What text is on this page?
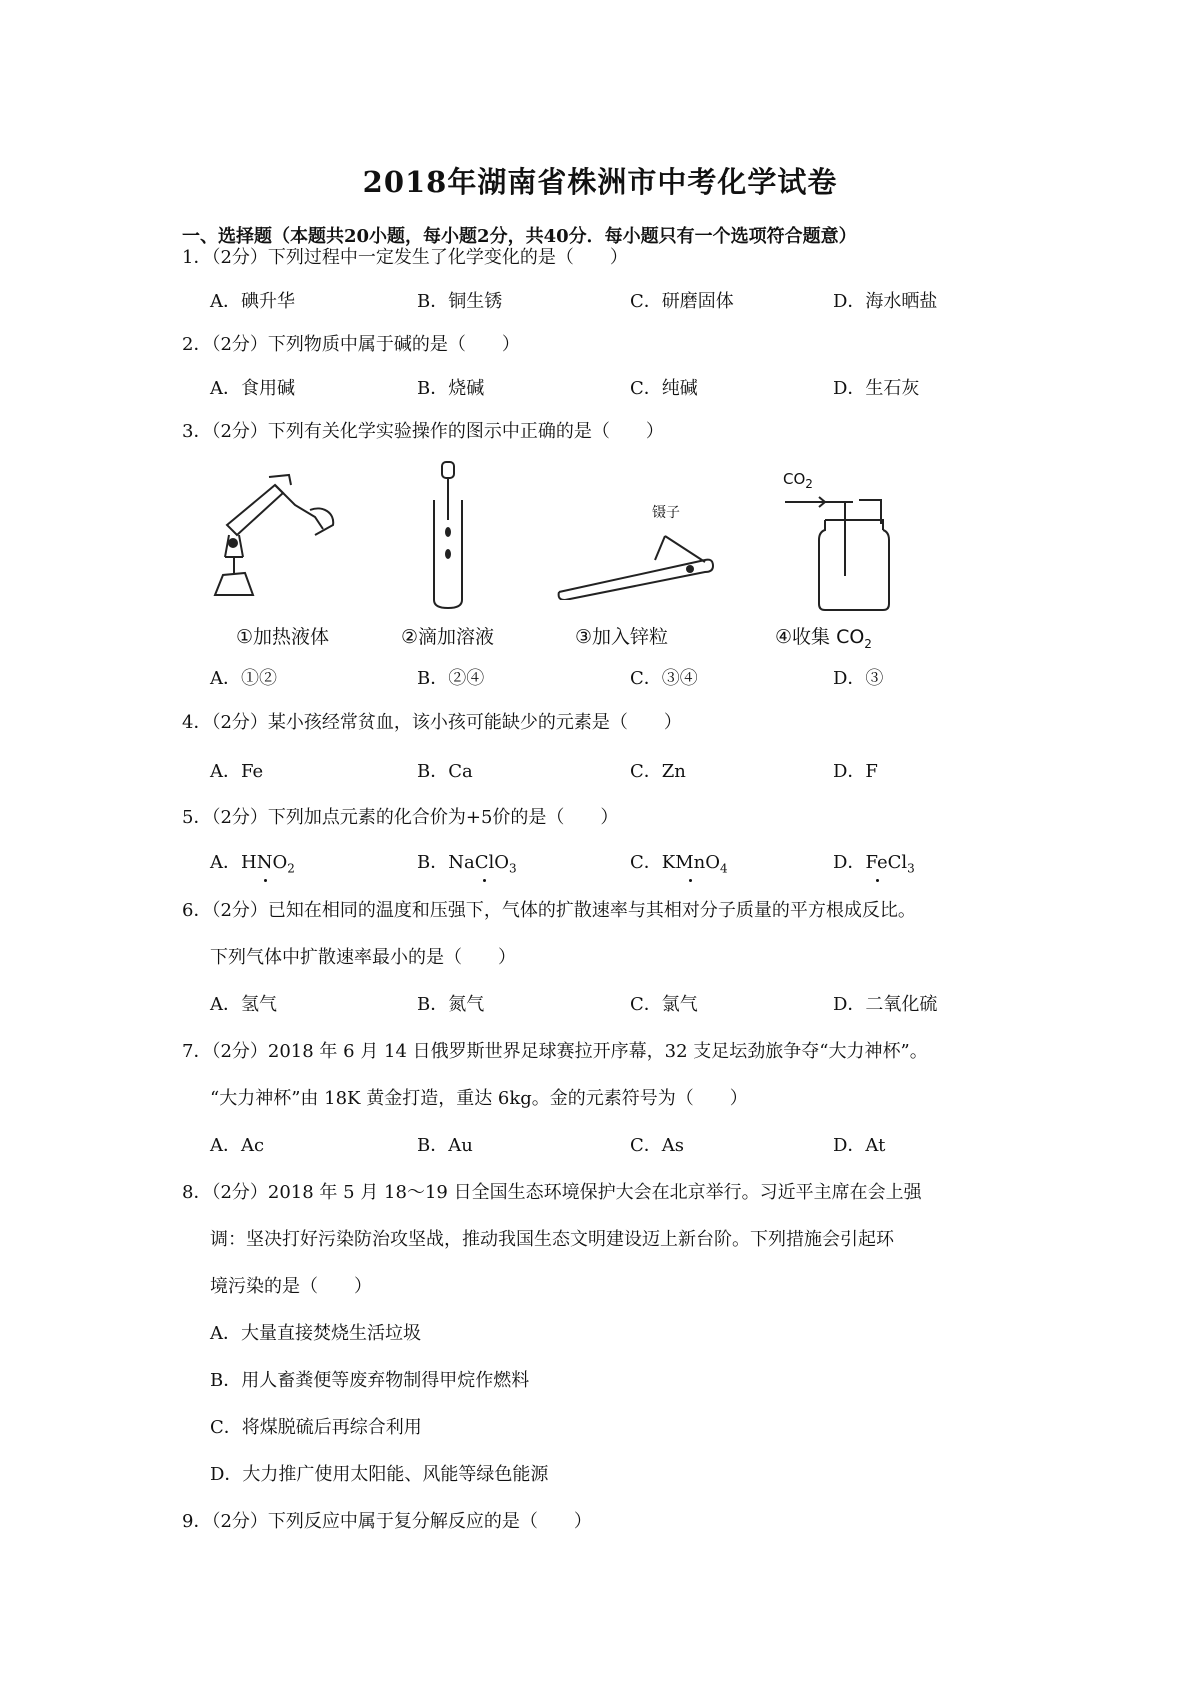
2018年湖南省株洲市中考化学试卷
一、选择题（本题共20小题，每小题2分，共40分．每小题只有一个选项符合题意）
1．（2分）下列过程中一定发生了化学变化的是（　　）
A．碘升华	B．铜生锈	C．研磨固体	D．海水晒盐
2．（2分）下列物质中属于碱的是（　　）
A．食用碱	B．烧碱	C．纯碱	D．生石灰
3．（2分）下列有关化学实验操作的图示中正确的是（　　）
镊子
$CO_2$
①加热液体	②滴加溶液	③加入锌粒	④收集 $CO_2$
A．①②	B．②④	C．③④	D．③
4．（2分）某小孩经常贫血，该小孩可能缺少的元素是（　　）
A．Fe	B．Ca	C．Zn	D．F
5．（2分）下列加点元素的化合价为+5价的是（　　）
A．$HNO_2$	B．NaClO$_3$	C．KMnO$_4$	D．FeCl$_3$
6．（2分）已知在相同的温度和压强下，气体的扩散速率与其相对分子质量的平方根成反比。
下列气体中扩散速率最小的是（　　）
A．氢气	B．氮气	C．氯气	D．二氧化硫
7．（2分）2018 年 6 月 14 日俄罗斯世界足球赛拉开序幕，32 支足坛劲旅争夺“大力神杯”。
“大力神杯”由 18K 黄金打造，重达 6kg。金的元素符号为（　　）
A．Ac	B．Au	C．As	D．At
8．（2分）2018 年 5 月 18～19 日全国生态环境保护大会在北京举行。习近平主席在会上强
调：坚决打好污染防治攻坚战，推动我国生态文明建设迈上新台阶。下列措施会引起环
境污染的是（　　）
A．大量直接焚烧生活垃圾
B．用人畜粪便等废弃物制得甲烷作燃料
C．将煤脱硫后再综合利用
D．大力推广使用太阳能、风能等绿色能源
9．（2分）下列反应中属于复分解反应的是（　　）
